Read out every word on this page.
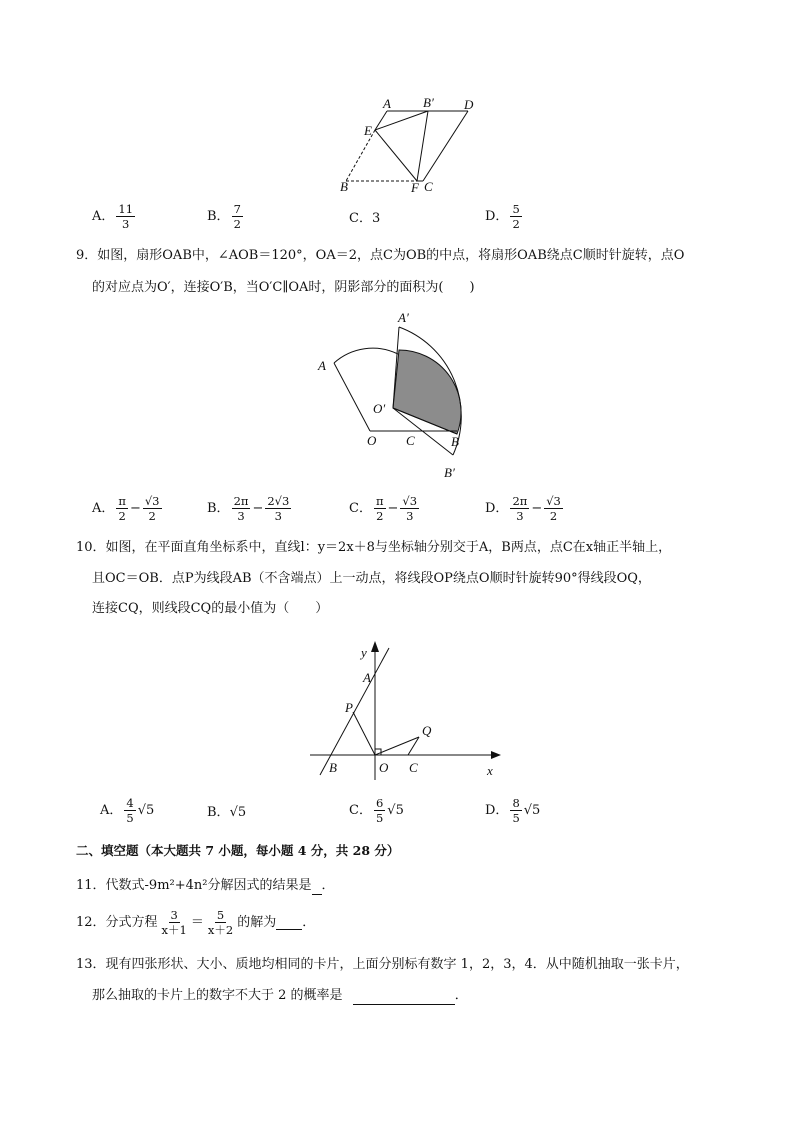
A B′ D
E
B	F C
A． $\frac{11}{3}$	B． $\frac{7}{2}$	C． 3	D． $\frac{5}{2}$
9．如图，扇形OAB中，∠AOB＝120°，OA＝2，点C为OB的中点，将扇形OAB绕点C顺时针旋转，点O
的对应点为O′，连接O′B，当O′C∥OA时，阴影部分的面积为(　　)
A′
A
O′
O C	B
B′
A． $\frac{\pi}{2} - \frac{√3}{2}$	B． $\frac{2\pi}{3} - \frac{2√3}{3}$	C． $\frac{\pi}{2} - \frac{√3}{3}$	D． $\frac{2\pi}{3} - \frac{√3}{2}$
10．如图，在平面直角坐标系中，直线l：y＝2x＋8与坐标轴分别交于A，B两点，点C在x轴正半轴上，
且OC＝OB．点P为线段AB（不含端点）上一动点，将线段OP绕点O顺时针旋转90°得线段OQ，
连接CQ，则线段CQ的最小值为（　　）
y
x
A
P
Q
B	O C
A． $\frac{4}{5} √5$	B． √5	C． $\frac{6}{5} √5$	D． $\frac{8}{5} √5$
二、填空题（本大题共 7 小题，每小题 4 分，共 28 分）
11．代数式-9m²+4n²分解因式的结果是 ．
12．分式方程 $\frac{3}{x+1} = \frac{5}{x+2}$ 的解为 ．
13．现有四张形状、大小、质地均相同的卡片，上面分别标有数字 1，2，3，4．从中随机抽取一张卡片，
那么抽取的卡片上的数字不大于 2 的概率是	．
